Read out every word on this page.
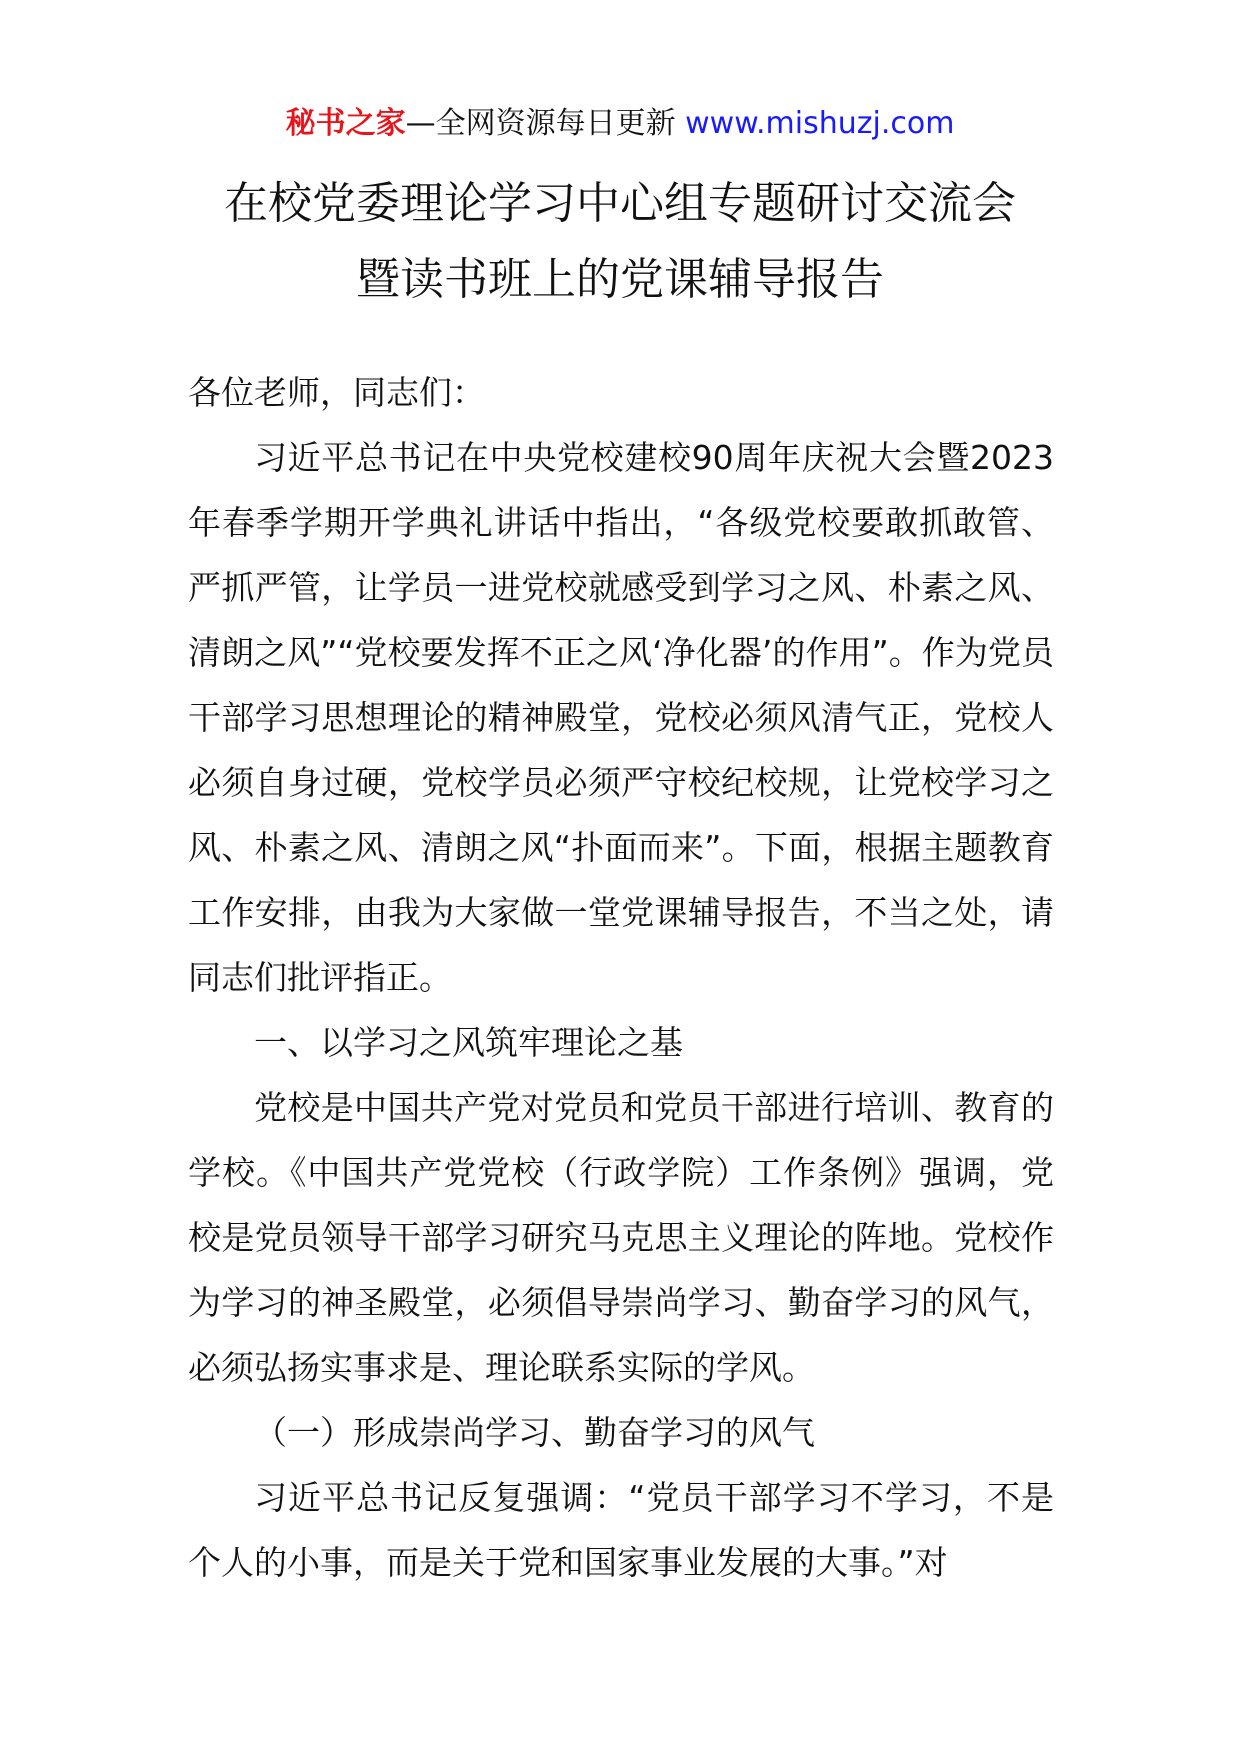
秘书之家—全网资源每日更新 www.mishuzj.com
在校党委理论学习中心组专题研讨交流会
暨读书班上的党课辅导报告

各位老师，同志们：

习近平总书记在中央党校建校90周年庆祝大会暨2023年春季学期开学典礼讲话中指出，“各级党校要敢抓敢管、严抓严管，让学员一进党校就感受到学习之风、朴素之风、清朗之风”“党校要发挥不正之风‘净化器’的作用”。作为党员干部学习思想理论的精神殿堂，党校必须风清气正，党校人必须自身过硬，党校学员必须严守校纪校规，让党校学习之风、朴素之风、清朗之风“扑面而来”。下面，根据主题教育工作安排，由我为大家做一堂党课辅导报告，不当之处，请同志们批评指正。

一、以学习之风筑牢理论之基

党校是中国共产党对党员和党员干部进行培训、教育的学校。《中国共产党党校（行政学院）工作条例》强调，党校是党员领导干部学习研究马克思主义理论的阵地。党校作为学习的神圣殿堂，必须倡导崇尚学习、勤奋学习的风气，必须弘扬实事求是、理论联系实际的学风。

（一）形成崇尚学习、勤奋学习的风气

习近平总书记反复强调：“党员干部学习不学习，不是个人的小事，而是关于党和国家事业发展的大事。”对
